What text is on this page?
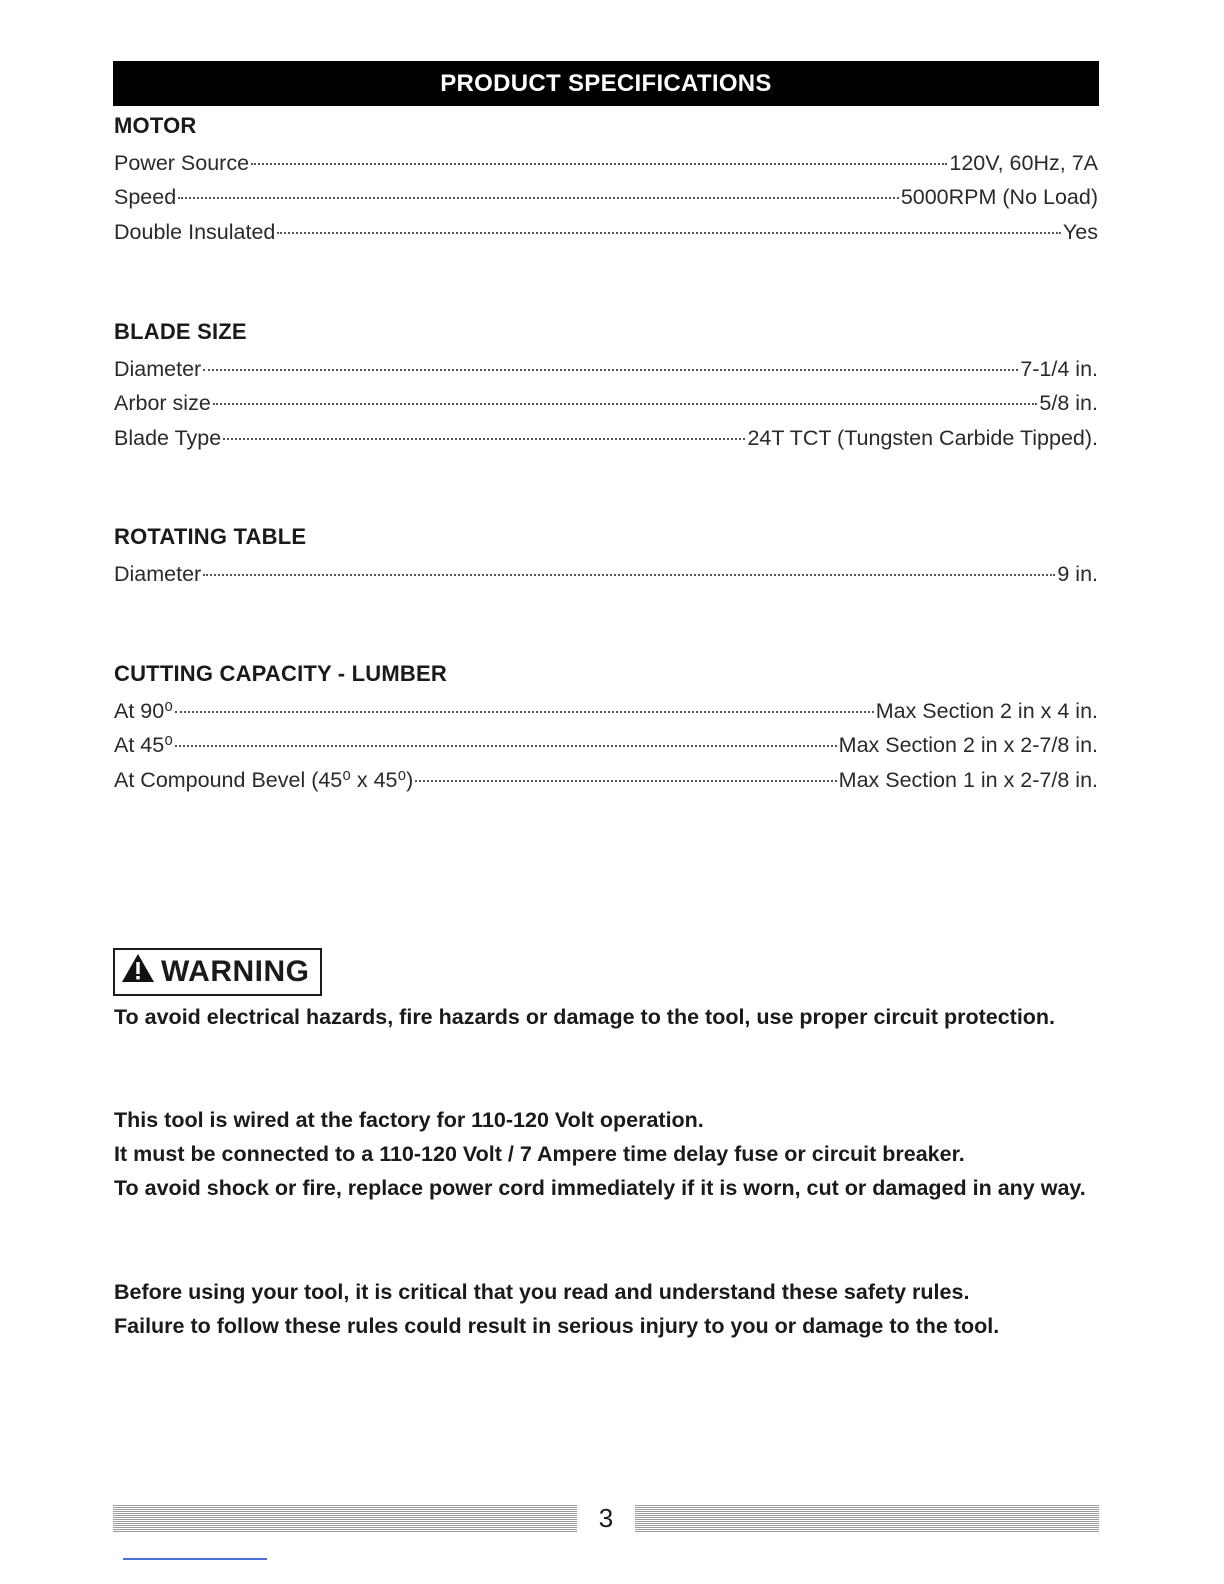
PRODUCT SPECIFICATIONS
MOTOR
Power Source	120V, 60Hz, 7A
Speed	5000RPM (No Load)
Double Insulated	Yes
BLADE SIZE
Diameter	7-1/4 in.
Arbor size	5/8 in.
Blade Type	24T TCT (Tungsten Carbide Tipped).
ROTATING TABLE
Diameter	9 in.
CUTTING CAPACITY - LUMBER
At 90⁰	Max Section 2 in x 4 in.
At 45⁰	Max Section 2 in x 2-7/8 in.
At Compound Bevel (45⁰ x 45⁰)	Max Section 1 in x 2-7/8 in.
WARNING

To avoid electrical hazards, fire hazards or damage to the tool, use proper circuit protection.

This tool is wired at the factory for 110-120 Volt operation.

It must be connected to a 110-120 Volt / 7 Ampere time delay fuse or circuit breaker.

To avoid shock or fire, replace power cord immediately if it is worn, cut or damaged in any way.

Before using your tool, it is critical that you read and understand these safety rules.

Failure to follow these rules could result in serious injury to you or damage to the tool.

3
